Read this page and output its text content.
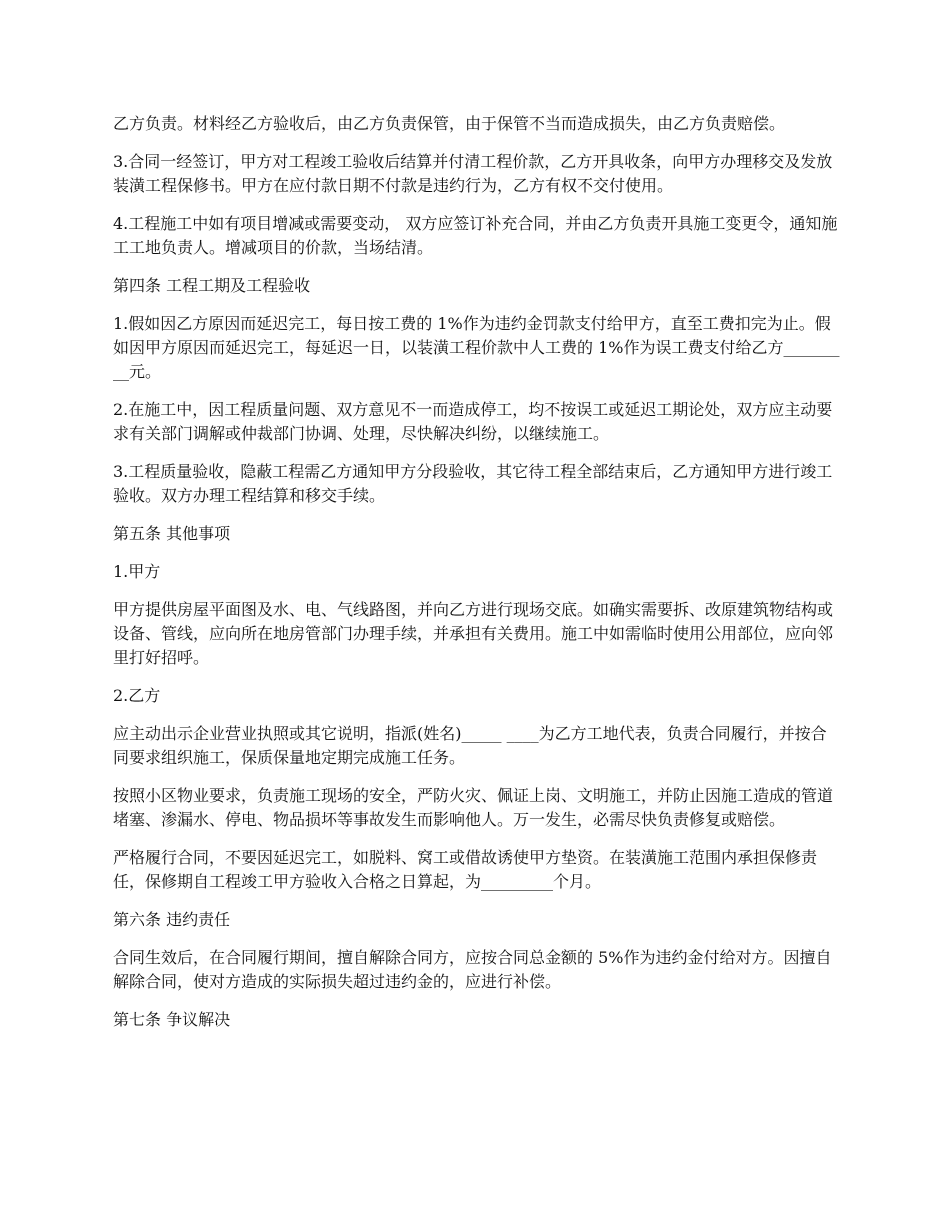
乙方负责。材料经乙方验收后，由乙方负责保管，由于保管不当而造成损失，由乙方负责赔偿。

3.合同一经签订，甲方对工程竣工验收后结算并付清工程价款，乙方开具收条，向甲方办理移交及发放装潢工程保修书。甲方在应付款日期不付款是违约行为，乙方有权不交付使用。

4.工程施工中如有项目增减或需要变动， 双方应签订补充合同，并由乙方负责开具施工变更令，通知施工工地负责人。增减项目的价款，当场结清。

第四条 工程工期及工程验收

1.假如因乙方原因而延迟完工，每日按工费的 1%作为违约金罚款支付给甲方，直至工费扣完为止。假如因甲方原因而延迟完工，每延迟一日，以装潢工程价款中人工费的 1%作为误工费支付给乙方_________元。

2.在施工中，因工程质量问题、双方意见不一而造成停工，均不按误工或延迟工期论处，双方应主动要求有关部门调解或仲裁部门协调、处理，尽快解决纠纷，以继续施工。

3.工程质量验收，隐蔽工程需乙方通知甲方分段验收，其它待工程全部结束后，乙方通知甲方进行竣工验收。双方办理工程结算和移交手续。

第五条 其他事项

1.甲方

甲方提供房屋平面图及水、电、气线路图，并向乙方进行现场交底。如确实需要拆、改原建筑物结构或设备、管线，应向所在地房管部门办理手续，并承担有关费用。施工中如需临时使用公用部位，应向邻里打好招呼。

2.乙方

应主动出示企业营业执照或其它说明，指派(姓名)_____ ____为乙方工地代表，负责合同履行，并按合同要求组织施工，保质保量地定期完成施工任务。

按照小区物业要求，负责施工现场的安全，严防火灾、佩证上岗、文明施工，并防止因施工造成的管道堵塞、渗漏水、停电、物品损坏等事故发生而影响他人。万一发生，必需尽快负责修复或赔偿。

严格履行合同，不要因延迟完工，如脱料、窝工或借故诱使甲方垫资。在装潢施工范围内承担保修责任，保修期自工程竣工甲方验收入合格之日算起，为_________个月。

第六条 违约责任

合同生效后，在合同履行期间，擅自解除合同方，应按合同总金额的 5%作为违约金付给对方。因擅自解除合同，使对方造成的实际损失超过违约金的，应进行补偿。

第七条 争议解决
